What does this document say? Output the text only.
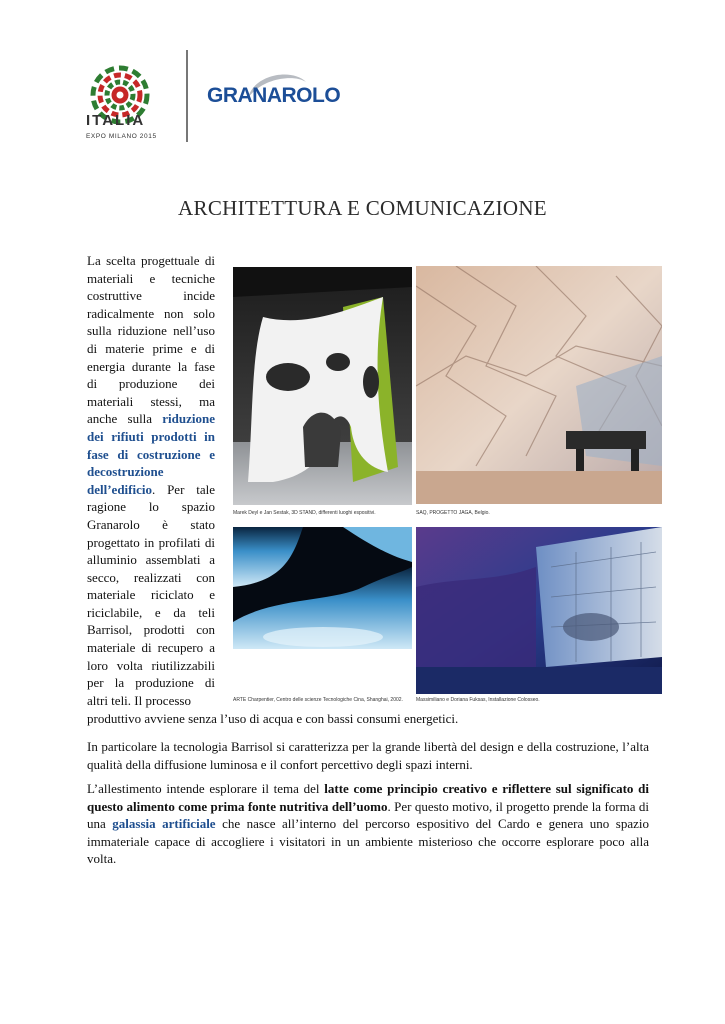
ITALIA
EXPO MILANO 2015
GRANAROLO
ARCHITETTURA E COMUNICAZIONE
La scelta progettuale di materiali e tecniche costruttive incide radicalmente non solo sulla riduzione nell’uso di materie prime e di energia durante la fase di produzione dei materiali stessi, ma anche sulla riduzione dei rifiuti prodotti in fase di costruzione e decostruzione dell’edificio. Per tale ragione lo spazio Granarolo è stato progettato in profilati di alluminio assemblati a secco, realizzati con materiale riciclato e riciclabile, e da teli Barrisol, prodotti con materiale di recupero a loro volta riutilizzabili per la produzione di altri teli. Il processo
produttivo avviene senza l’uso di acqua e con bassi consumi energetici.
Marek Deyl e Jan Sestak, 3D STAND, differenti luoghi espositivi.	SAQ, PROGETTO JAGA, Belgio.
ARTE Charpentier, Centro delle scienze Tecnologiche Cina, Shanghai, 2002.	Massimiliano e Doriana Fuksas, Installazione Colosseo.
In particolare la tecnologia Barrisol si caratterizza per la grande libertà del design e della costruzione, l’alta qualità della diffusione luminosa e il confort percettivo degli spazi interni.
L’allestimento intende esplorare il tema del latte come principio creativo e riflettere sul significato di questo alimento come prima fonte nutritiva dell’uomo. Per questo motivo, il progetto prende la forma di una galassia artificiale che nasce all’interno del percorso espositivo del Cardo e genera uno spazio immateriale capace di accogliere i visitatori in un ambiente misterioso che occorre esplorare poco alla volta.
